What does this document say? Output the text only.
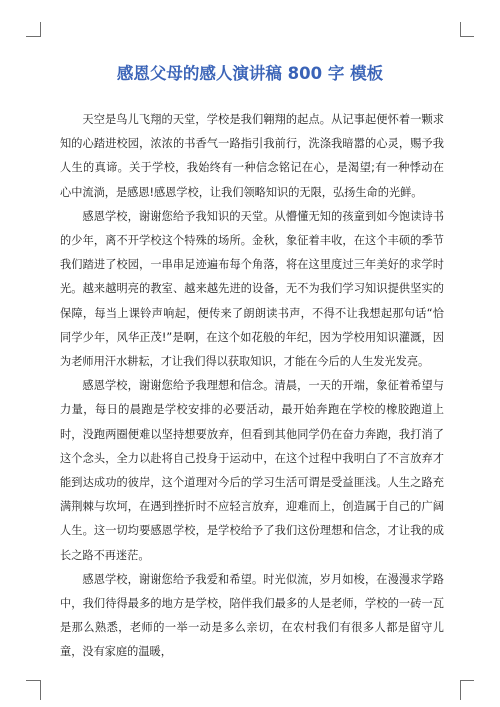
感恩父母的感人演讲稿 800 字 模板

天空是鸟儿飞翔的天堂，学校是我们翱翔的起点。从记事起便怀着一颗求知的心踏进校园，浓浓的书香气一路指引我前行，洗涤我暗嚣的心灵，赐予我人生的真谛。关于学校，我始终有一种信念铭记在心，是渴望;有一种悸动在心中流淌，是感恩!感恩学校，让我们领略知识的无限，弘扬生命的光鲜。

感恩学校，谢谢您给予我知识的天堂。从懵懂无知的孩童到如今饱读诗书的少年，离不开学校这个特殊的场所。金秋，象征着丰收，在这个丰硕的季节我们踏进了校园，一串串足迹遍布每个角落，将在这里度过三年美好的求学时光。越来越明亮的教室、越来越先进的设备，无不为我们学习知识提供坚实的保障，每当上课铃声响起，便传来了朗朗读书声，不得不让我想起那句话“恰同学少年，风华正茂!”是啊，在这个如花般的年纪，因为学校用知识灌溉，因为老师用汗水耕耘，才让我们得以获取知识，才能在今后的人生发光发亮。

感恩学校，谢谢您给予我理想和信念。清晨，一天的开端，象征着希望与力量，每日的晨跑是学校安排的必要活动，最开始奔跑在学校的橡胶跑道上时，没跑两圈便难以坚持想要放弃，但看到其他同学仍在奋力奔跑，我打消了这个念头，全力以赴将自己投身于运动中，在这个过程中我明白了不言放弃才能到达成功的彼岸，这个道理对今后的学习生活可谓是受益匪浅。人生之路充满荆棘与坎坷，在遇到挫折时不应轻言放弃，迎难而上，创造属于自己的广阔人生。这一切均要感恩学校，是学校给予了我们这份理想和信念，才让我的成长之路不再迷茫。

感恩学校，谢谢您给予我爱和希望。时光似流，岁月如梭，在漫漫求学路中，我们待得最多的地方是学校，陪伴我们最多的人是老师，学校的一砖一瓦是那么熟悉，老师的一举一动是多么亲切，在农村我们有很多人都是留守儿童，没有家庭的温暖，
